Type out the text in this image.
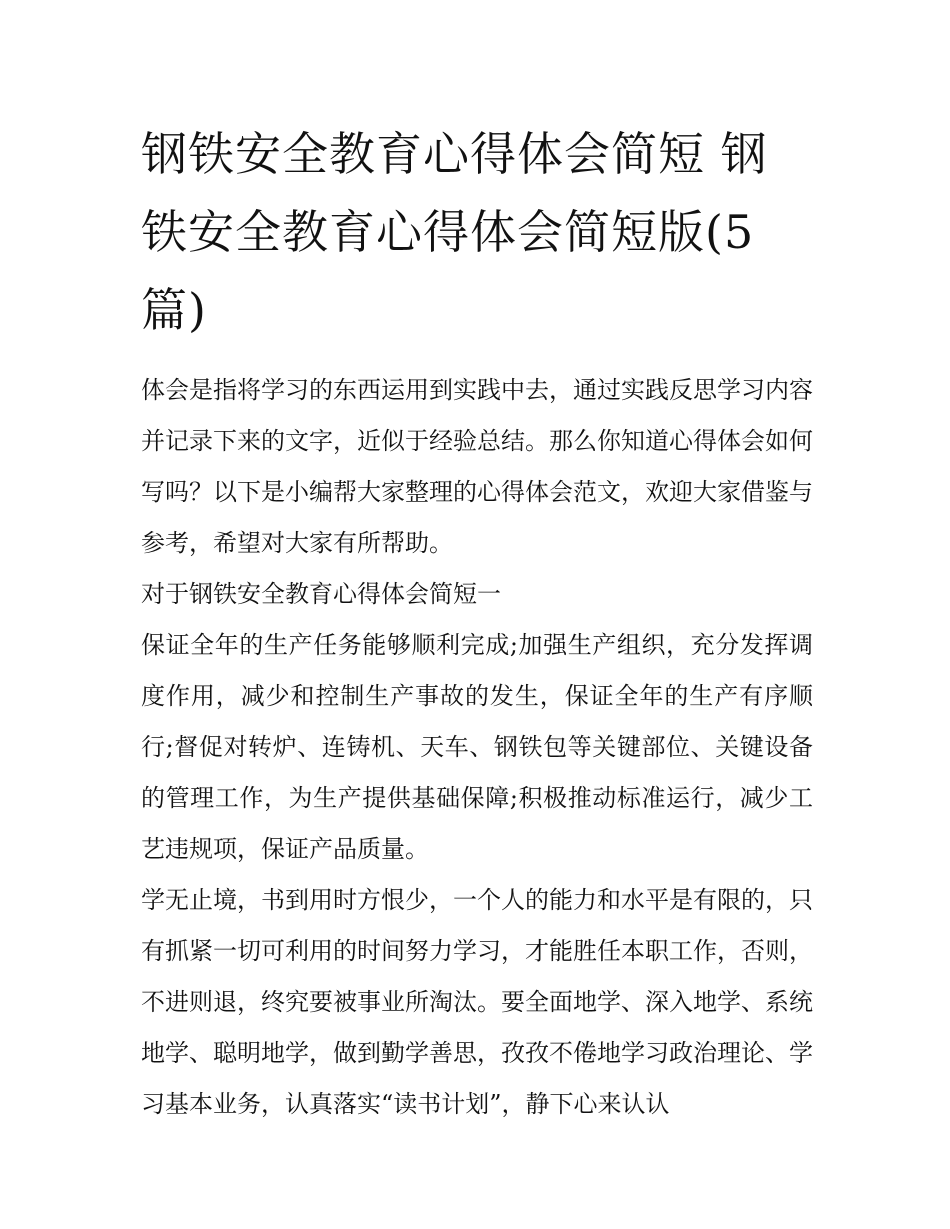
钢铁安全教育心得体会简短 钢铁安全教育心得体会简短版(5篇)

体会是指将学习的东西运用到实践中去，通过实践反思学习内容并记录下来的文字，近似于经验总结。那么你知道心得体会如何写吗？以下是小编帮大家整理的心得体会范文，欢迎大家借鉴与参考，希望对大家有所帮助。

对于钢铁安全教育心得体会简短一

保证全年的生产任务能够顺利完成;加强生产组织，充分发挥调度作用，减少和控制生产事故的发生，保证全年的生产有序顺行;督促对转炉、连铸机、天车、钢铁包等关键部位、关键设备的管理工作，为生产提供基础保障;积极推动标准运行，减少工艺违规项，保证产品质量。

学无止境，书到用时方恨少，一个人的能力和水平是有限的，只有抓紧一切可利用的时间努力学习，才能胜任本职工作，否则，不进则退，终究要被事业所淘汰。要全面地学、深入地学、系统地学、聪明地学，做到勤学善思，孜孜不倦地学习政治理论、学习基本业务，认真落实“读书计划”，静下心来认认
